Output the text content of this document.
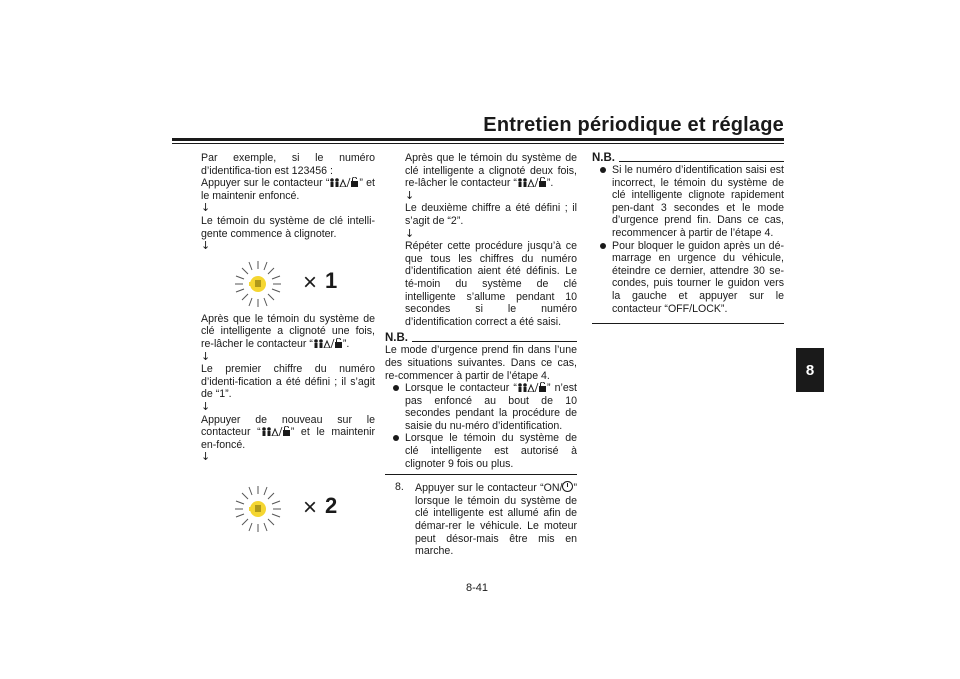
Entretien périodique et réglage
8
8-41

Par exemple, si le numéro d’identifica-tion est 123456 :

Appuyer sur le contacteur “	” et le maintenir enfoncé.

↓

Le témoin du système de clé intelli-gente commence à clignoter.

↓

× 1

Après que le témoin du système de clé intelligente a clignoté une fois, re-lâcher le contacteur “	”.

↓

Le premier chiffre du numéro d’identi-fication a été défini ; il s’agit de “1”.

↓

Appuyer de nouveau sur le contacteur “	” et le maintenir en-foncé.

↓

× 2

Après que le témoin du système de clé intelligente a clignoté deux fois, re-lâcher le contacteur “	”.

↓

Le deuxième chiffre a été défini ; il s’agit de “2”.

↓

Répéter cette procédure jusqu’à ce que tous les chiffres du numéro d’identification aient été définis. Le té-moin du système de clé intelligente s’allume pendant 10 secondes si le numéro d’identification correct a été saisi.

N.B.

Le mode d’urgence prend fin dans l’une des situations suivantes. Dans ce cas, re-commencer à partir de l’étape 4.

Lorsque le contacteur “	” n’est pas enfoncé au bout de 10 secondes pendant la procédure de saisie du nu-méro d’identification.
Lorsque le témoin du système de clé intelligente est autorisé à clignoter 9 fois ou plus.
8.	Appuyer sur le contacteur “ON/ ” lorsque le témoin du système de clé intelligente est allumé afin de démar-rer le véhicule. Le moteur peut désor-mais être mis en marche.
N.B.
Si le numéro d’identification saisi est incorrect, le témoin du système de clé intelligente clignote rapidement pen-dant 3 secondes et le mode d’urgence prend fin. Dans ce cas, recommencer à partir de l’étape 4.
Pour bloquer le guidon après un dé-marrage en urgence du véhicule, éteindre ce dernier, attendre 30 se-condes, puis tourner le guidon vers la gauche et appuyer sur le contacteur “OFF/LOCK”.
